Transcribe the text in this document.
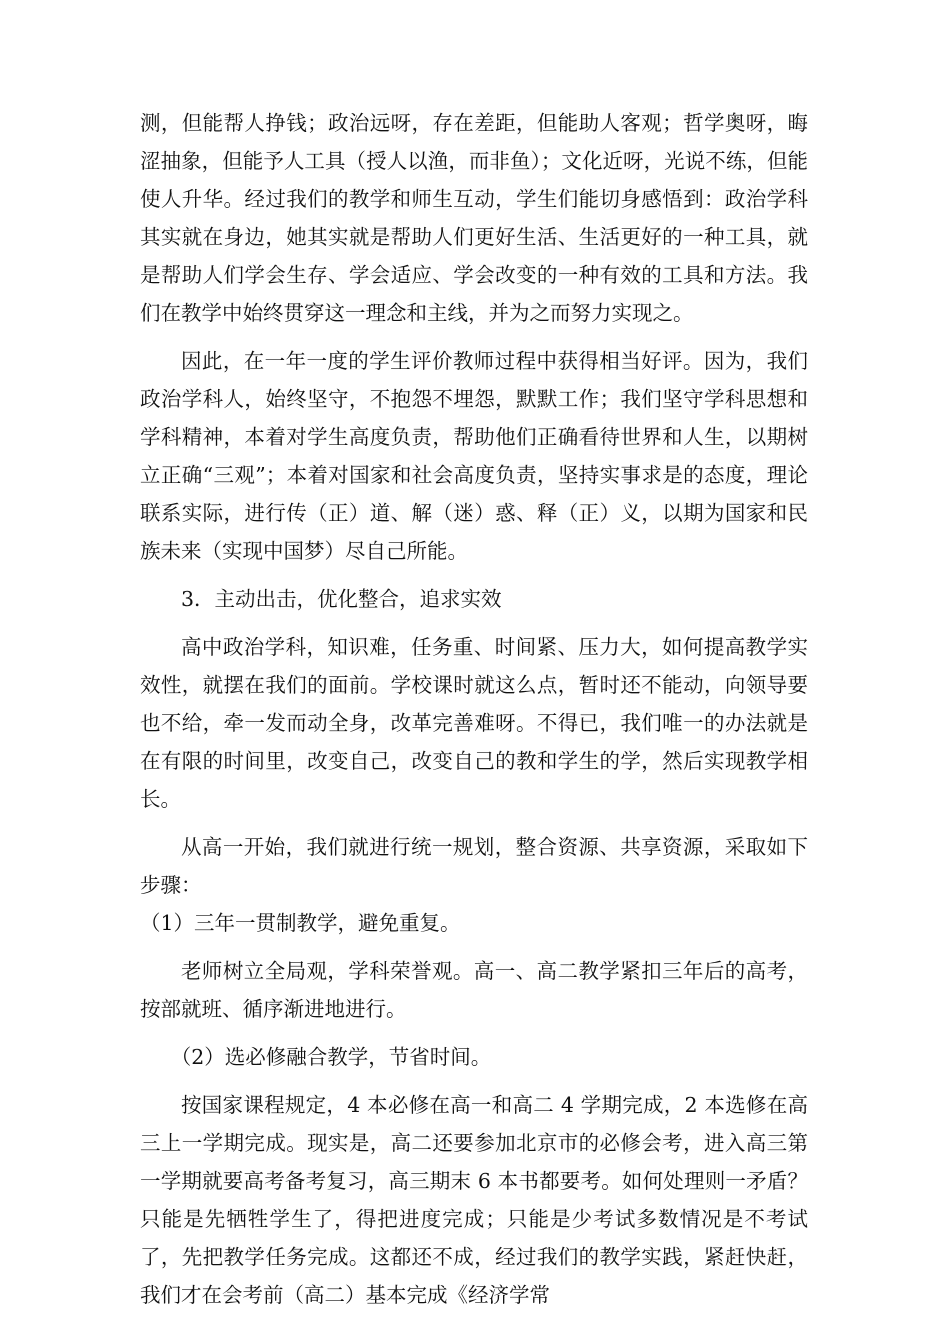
测，但能帮人挣钱；政治远呀，存在差距，但能助人客观；哲学奥呀，晦涩抽象，但能予人工具（授人以渔，而非鱼）；文化近呀，光说不练，但能使人升华。经过我们的教学和师生互动，学生们能切身感悟到：政治学科其实就在身边，她其实就是帮助人们更好生活、生活更好的一种工具，就是帮助人们学会生存、学会适应、学会改变的一种有效的工具和方法。我们在教学中始终贯穿这一理念和主线，并为之而努力实现之。

因此，在一年一度的学生评价教师过程中获得相当好评。因为，我们政治学科人，始终坚守，不抱怨不埋怨，默默工作；我们坚守学科思想和学科精神，本着对学生高度负责，帮助他们正确看待世界和人生，以期树立正确“三观”；本着对国家和社会高度负责，坚持实事求是的态度，理论联系实际，进行传（正）道、解（迷）惑、释（正）义，以期为国家和民族未来（实现中国梦）尽自己所能。

3．主动出击，优化整合，追求实效

高中政治学科，知识难，任务重、时间紧、压力大，如何提高教学实效性，就摆在我们的面前。学校课时就这么点，暂时还不能动，向领导要也不给，牵一发而动全身，改革完善难呀。不得已，我们唯一的办法就是在有限的时间里，改变自己，改变自己的教和学生的学，然后实现教学相长。

从高一开始，我们就进行统一规划，整合资源、共享资源，采取如下步骤：

（1）三年一贯制教学，避免重复。

老师树立全局观，学科荣誉观。高一、高二教学紧扣三年后的高考，按部就班、循序渐进地进行。

（2）选必修融合教学，节省时间。

按国家课程规定，4 本必修在高一和高二 4 学期完成，2 本选修在高三上一学期完成。现实是，高二还要参加北京市的必修会考，进入高三第一学期就要高考备考复习，高三期末 6 本书都要考。如何处理则一矛盾？只能是先牺牲学生了，得把进度完成；只能是少考试多数情况是不考试了，先把教学任务完成。这都还不成，经过我们的教学实践，紧赶快赶，我们才在会考前（高二）基本完成《经济学常
